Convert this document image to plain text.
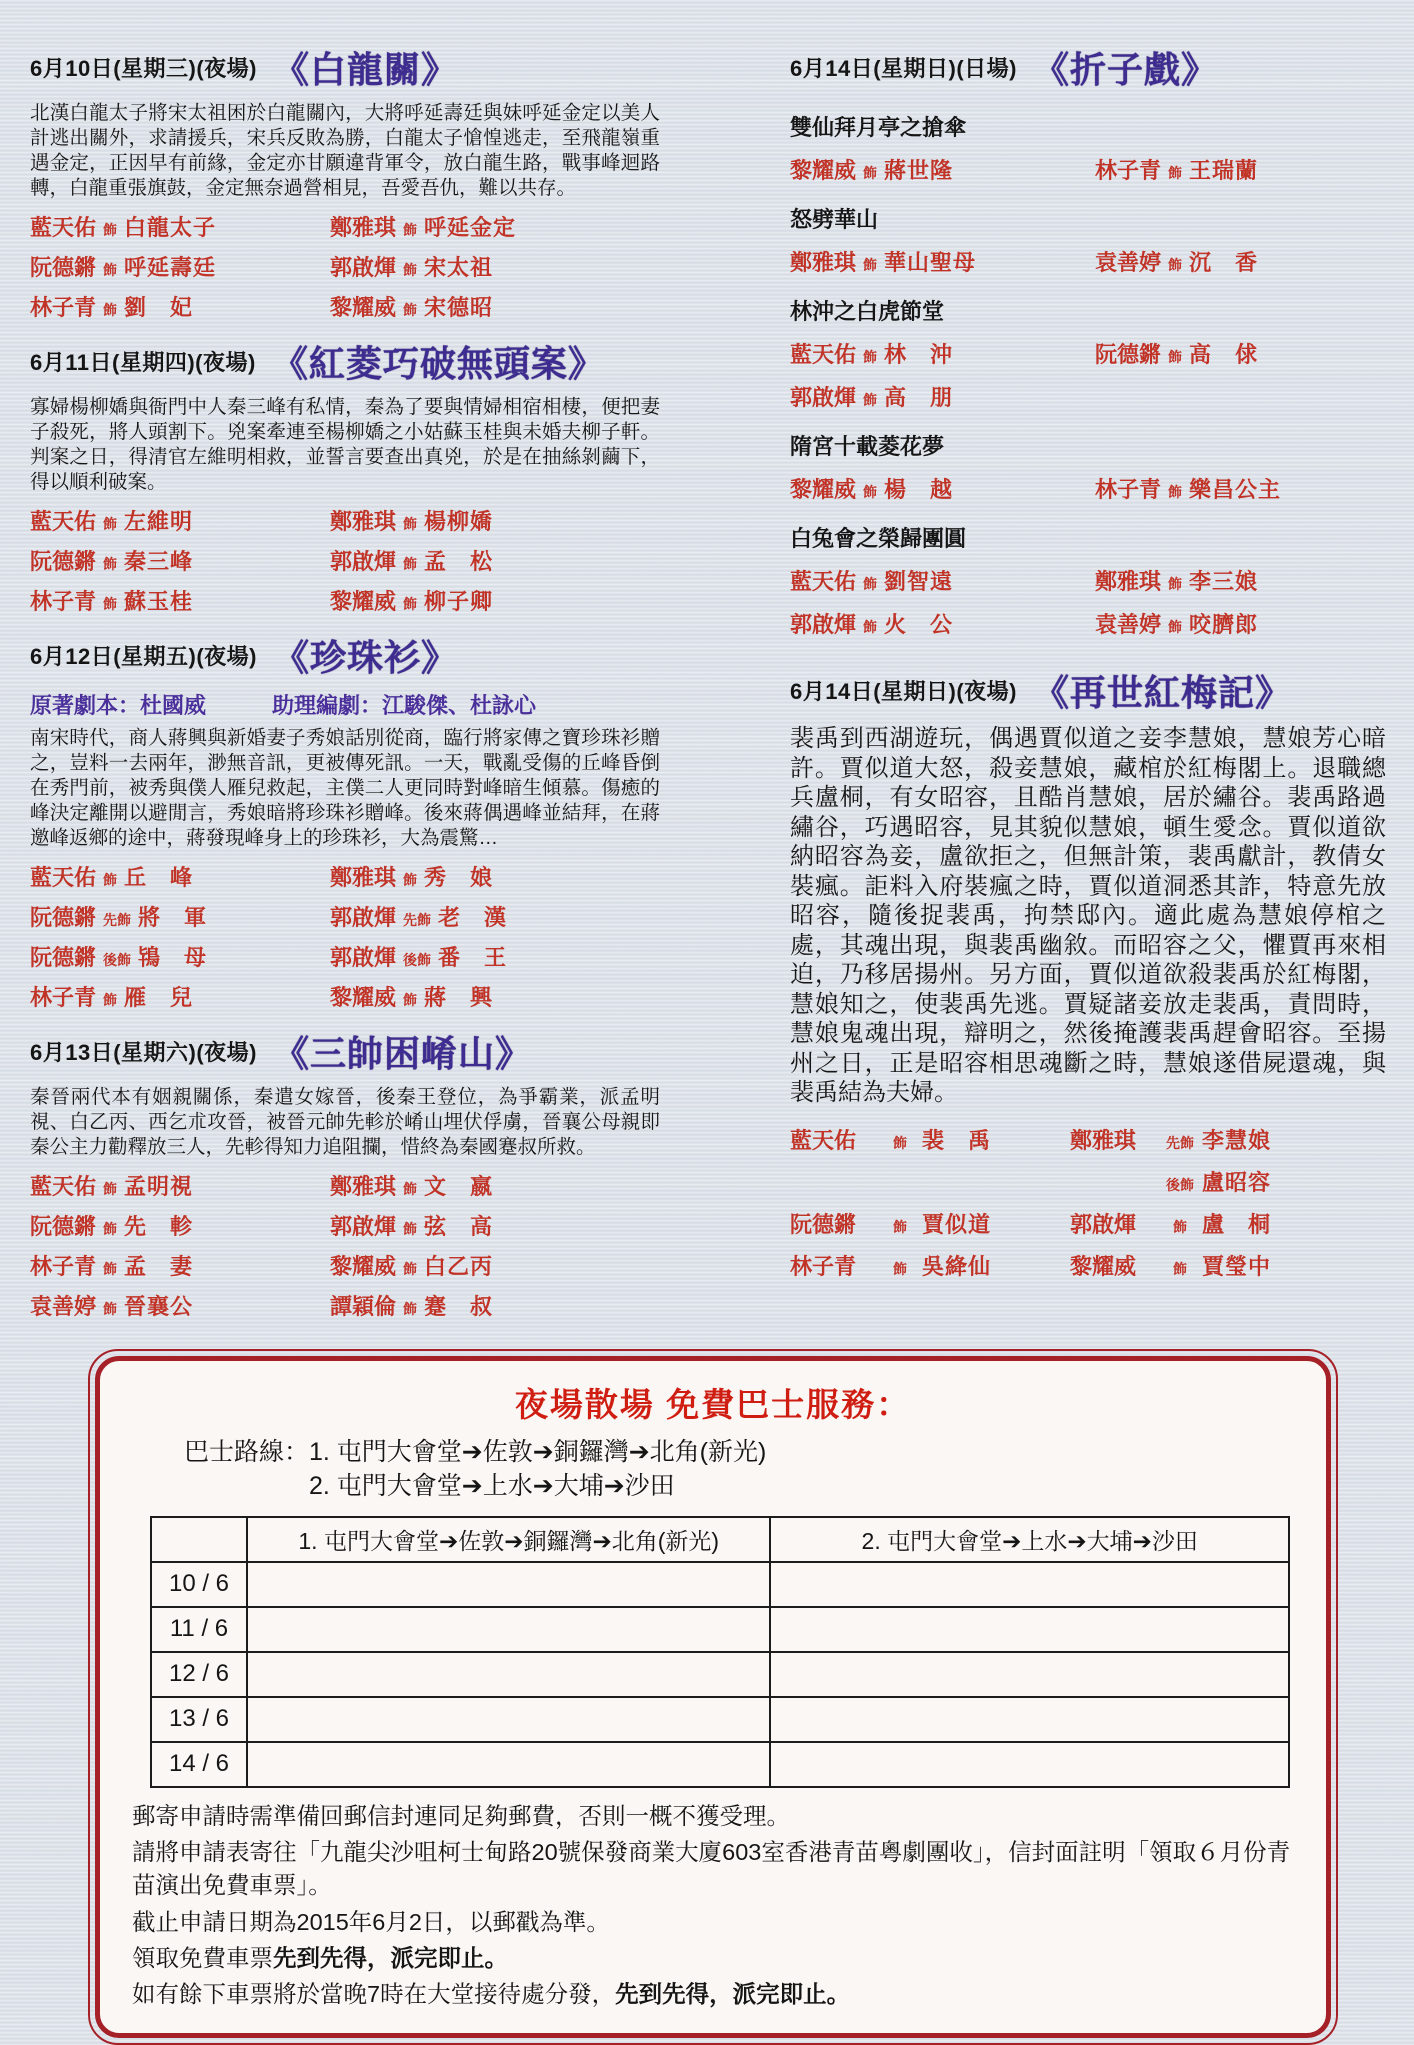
6月10日(星期三)(夜場) 《白龍關》

北漢白龍太子將宋太祖困於白龍關內，大將呼延壽廷與妹呼延金定以美人計逃出關外，求請援兵，宋兵反敗為勝，白龍太子愴惶逃走，至飛龍嶺重遇金定，正因早有前緣，金定亦甘願違背軍令，放白龍生路，戰事峰迴路轉，白龍重張旗鼓，金定無奈過營相見，吾愛吾仇，難以共存。

藍天佑 飾 白龍太子	鄭雅琪 飾 呼延金定
阮德鏘 飾 呼延壽廷	郭啟煇 飾 宋太祖
林子青 飾 劉　妃	黎耀威 飾 宋德昭
6月11日(星期四)(夜場) 《紅菱巧破無頭案》

寡婦楊柳嬌與衙門中人秦三峰有私情，秦為了要與情婦相宿相棲，便把妻子殺死，將人頭割下。兇案牽連至楊柳嬌之小姑蘇玉桂與未婚夫柳子軒。判案之日，得清官左維明相救，並誓言要查出真兇，於是在抽絲剝繭下，得以順利破案。

藍天佑 飾 左維明	鄭雅琪 飾 楊柳嬌
阮德鏘 飾 秦三峰	郭啟煇 飾 孟　松
林子青 飾 蘇玉桂	黎耀威 飾 柳子卿
6月12日(星期五)(夜場) 《珍珠衫》

原著劇本：杜國威　　　助理編劇：江駿傑、杜詠心

南宋時代，商人蔣興與新婚妻子秀娘話別從商，臨行將家傳之寶珍珠衫贈之，豈料一去兩年，渺無音訊，更被傳死訊。一天，戰亂受傷的丘峰昏倒在秀門前，被秀與僕人雁兒救起，主僕二人更同時對峰暗生傾慕。傷癒的峰決定離開以避閒言，秀娘暗將珍珠衫贈峰。後來蔣偶遇峰並結拜，在蔣邀峰返鄉的途中，蔣發現峰身上的珍珠衫，大為震驚…

藍天佑 飾 丘　峰	鄭雅琪 飾 秀　娘
阮德鏘 先飾 將　軍	郭啟煇 先飾 老　漢
阮德鏘 後飾 鴇　母	郭啟煇 後飾 番　王
林子青 飾 雁　兒	黎耀威 飾 蔣　興
6月13日(星期六)(夜場) 《三帥困崤山》

秦晉兩代本有姻親關係，秦遣女嫁晉，後秦王登位，為爭霸業，派孟明視、白乙丙、西乞朮攻晉，被晉元帥先軫於崤山埋伏俘虜，晉襄公母親即秦公主力勸釋放三人，先軫得知力追阻攔，惜終為秦國蹇叔所救。

藍天佑 飾 孟明視	鄭雅琪 飾 文　嬴
阮德鏘 飾 先　軫	郭啟煇 飾 弦　高
林子青 飾 孟　妻	黎耀威 飾 白乙丙
袁善婷 飾 晉襄公	譚穎倫 飾 蹇　叔
6月14日(星期日)(日場) 《折子戲》
雙仙拜月亭之搶傘
黎耀威 飾 蔣世隆	林子青 飾 王瑞蘭
怒劈華山
鄭雅琪 飾 華山聖母	袁善婷 飾 沉　香
林沖之白虎節堂
藍天佑 飾 林　沖	阮德鏘 飾 高　俅
郭啟煇 飾 高　朋
隋宮十載菱花夢
黎耀威 飾 楊　越	林子青 飾 樂昌公主
白兔會之榮歸團圓
藍天佑 飾 劉智遠	鄭雅琪 飾 李三娘
郭啟煇 飾 火　公	袁善婷 飾 咬臍郎
6月14日(星期日)(夜場) 《再世紅梅記》

裴禹到西湖遊玩，偶遇賈似道之妾李慧娘，慧娘芳心暗許。賈似道大怒，殺妾慧娘，藏棺於紅梅閣上。退職總兵盧桐，有女昭容，且酷肖慧娘，居於繡谷。裴禹路過繡谷，巧遇昭容，見其貌似慧娘，頓生愛念。賈似道欲納昭容為妾，盧欲拒之，但無計策，裴禹獻計，教倩女裝瘋。詎料入府裝瘋之時，賈似道洞悉其詐，特意先放昭容，隨後捉裴禹，拘禁邸內。適此處為慧娘停棺之處，其魂出現，與裴禹幽敘。而昭容之父，懼賈再來相迫，乃移居揚州。另方面，賈似道欲殺裴禹於紅梅閣，慧娘知之，使裴禹先逃。賈疑諸妾放走裴禹，責問時，慧娘鬼魂出現，辯明之，然後掩護裴禹趕會昭容。至揚州之日，正是昭容相思魂斷之時，慧娘遂借屍還魂，與裴禹結為夫婦。

藍天佑	飾 裴　禹	鄭雅琪 先飾 李慧娘
後飾 盧昭容
阮德鏘	飾 賈似道	郭啟煇	飾 盧　桐
林子青	飾 吳絳仙	黎耀威	飾 賈瑩中
夜場散場 免費巴士服務：
巴士路線： 1. 屯門大會堂➔佐敦➔銅鑼灣➔北角(新光)
2. 屯門大會堂➔上水➔大埔➔沙田
	1. 屯門大會堂➔佐敦➔銅鑼灣➔北角(新光)	2. 屯門大會堂➔上水➔大埔➔沙田
10 / 6		
11 / 6		
12 / 6		
13 / 6		
14 / 6		

郵寄申請時需準備回郵信封連同足夠郵費，否則一概不獲受理。

請將申請表寄往「九龍尖沙咀柯士甸路20號保發商業大廈603室香港青苗粵劇團收」，信封面註明「領取６月份青苗演出免費車票」。

截止申請日期為2015年6月2日，以郵戳為準。

領取免費車票先到先得，派完即止。

如有餘下車票將於當晚7時在大堂接待處分發，先到先得，派完即止。
